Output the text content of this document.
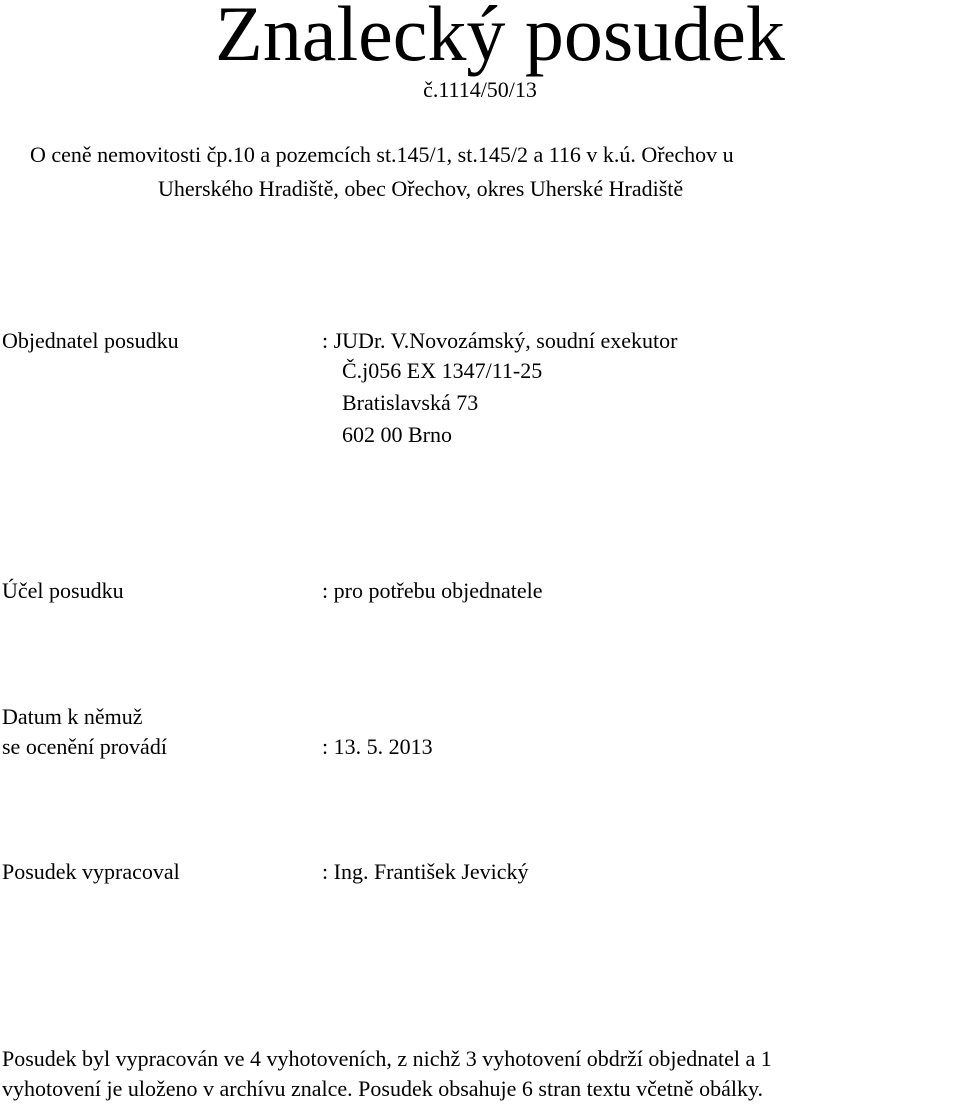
Znalecký posudek
č.1114/50/13
O ceně nemovitosti čp.10 a pozemcích st.145/1, st.145/2 a 116 v k.ú. Ořechov u
Uherského Hradiště, obec Ořechov, okres Uherské Hradiště
Objednatel posudku	: JUDr. V.Novozámský, soudní exekutor
Č.j056 EX 1347/11-25
Bratislavská 73
602 00 Brno
Účel posudku	: pro potřebu objednatele
Datum k němuž
se ocenění provádí	: 13. 5. 2013
Posudek vypracoval	: Ing. František Jevický
Posudek byl vypracován ve 4 vyhotoveních, z nichž 3 vyhotovení obdrží objednatel a 1
vyhotovení je uloženo v archívu znalce. Posudek obsahuje 6 stran textu včetně obálky.
